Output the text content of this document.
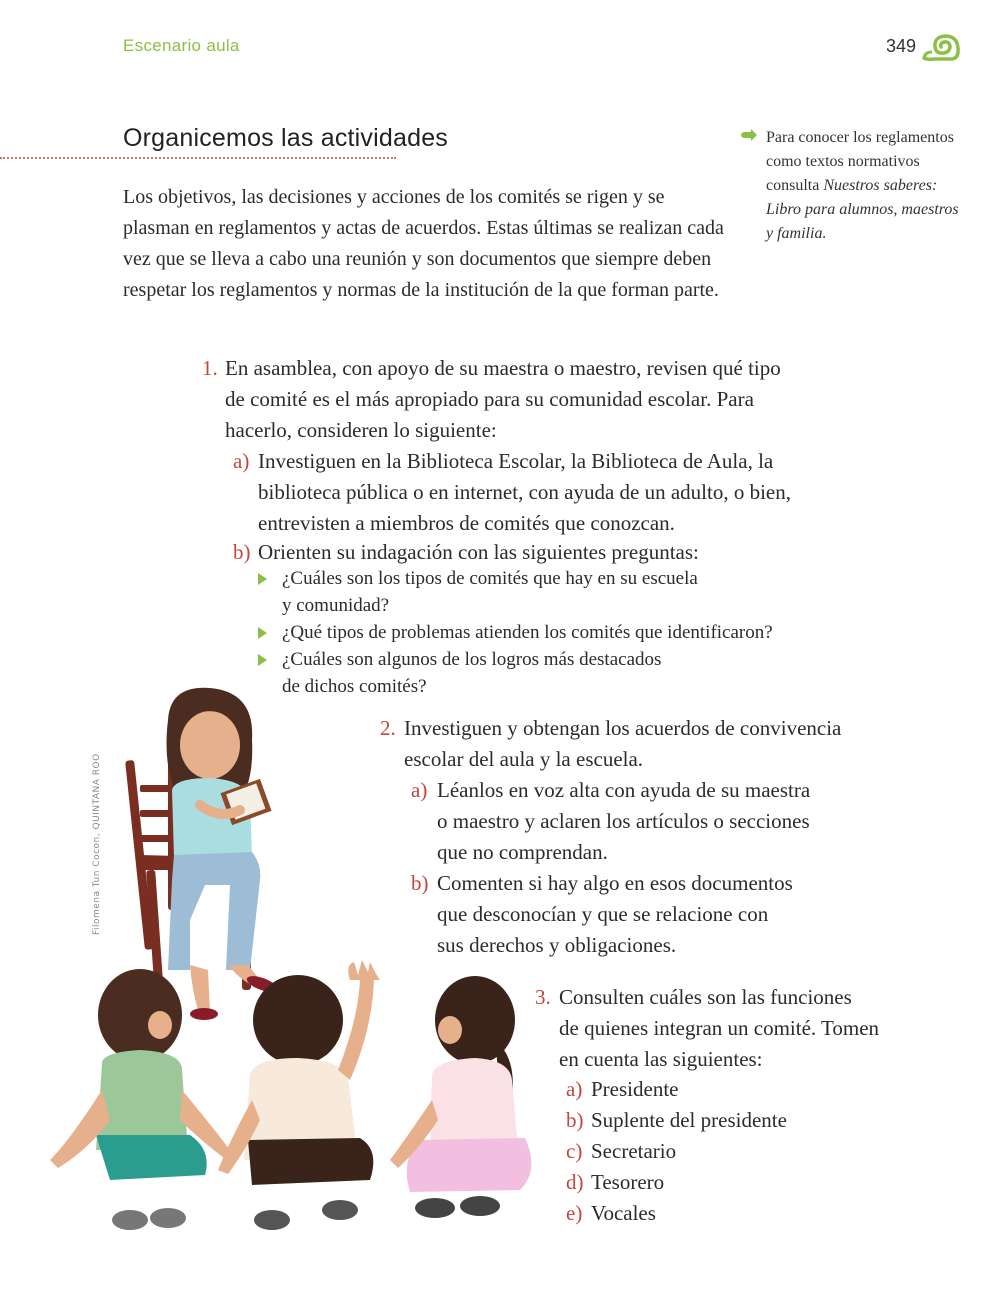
Escenario aula	349
Organicemos las actividades

Los objetivos, las decisiones y acciones de los comités se rigen y se plasman en reglamentos y actas de acuerdos. Estas últimas se realizan cada vez que se lleva a cabo una reunión y son documentos que siempre deben respetar los reglamentos y normas de la institución de la que forman parte.

Para conocer los reglamentos como textos normativos consulta Nuestros saberes: Libro para alumnos, maestros y familia.
1. En asamblea, con apoyo de su maestra o maestro, revisen qué tipo
de comité es el más apropiado para su comunidad escolar. Para
hacerlo, consideren lo siguiente:
a) Investiguen en la Biblioteca Escolar, la Biblioteca de Aula, la
biblioteca pública o en internet, con ayuda de un adulto, o bien,
entrevisten a miembros de comités que conozcan.
b) Orienten su indagación con las siguientes preguntas:
¿Cuáles son los tipos de comités que hay en su escuela
y comunidad?
¿Qué tipos de problemas atienden los comités que identificaron?
¿Cuáles son algunos de los logros más destacados
de dichos comités?
2. Investiguen y obtengan los acuerdos de convivencia
escolar del aula y la escuela.
a) Léanlos en voz alta con ayuda de su maestra
o maestro y aclaren los artículos o secciones
que no comprendan.
b) Comenten si hay algo en esos documentos
que desconocían y que se relacione con
sus derechos y obligaciones.
3. Consulten cuáles son las funciones
de quienes integran un comité. Tomen
en cuenta las siguientes:
a)
b)
c)
d)
e)
Presidente
Suplente del presidente
Secretario
Tesorero
Vocales
Filomena Tun Cocon, QUINTANA ROO
